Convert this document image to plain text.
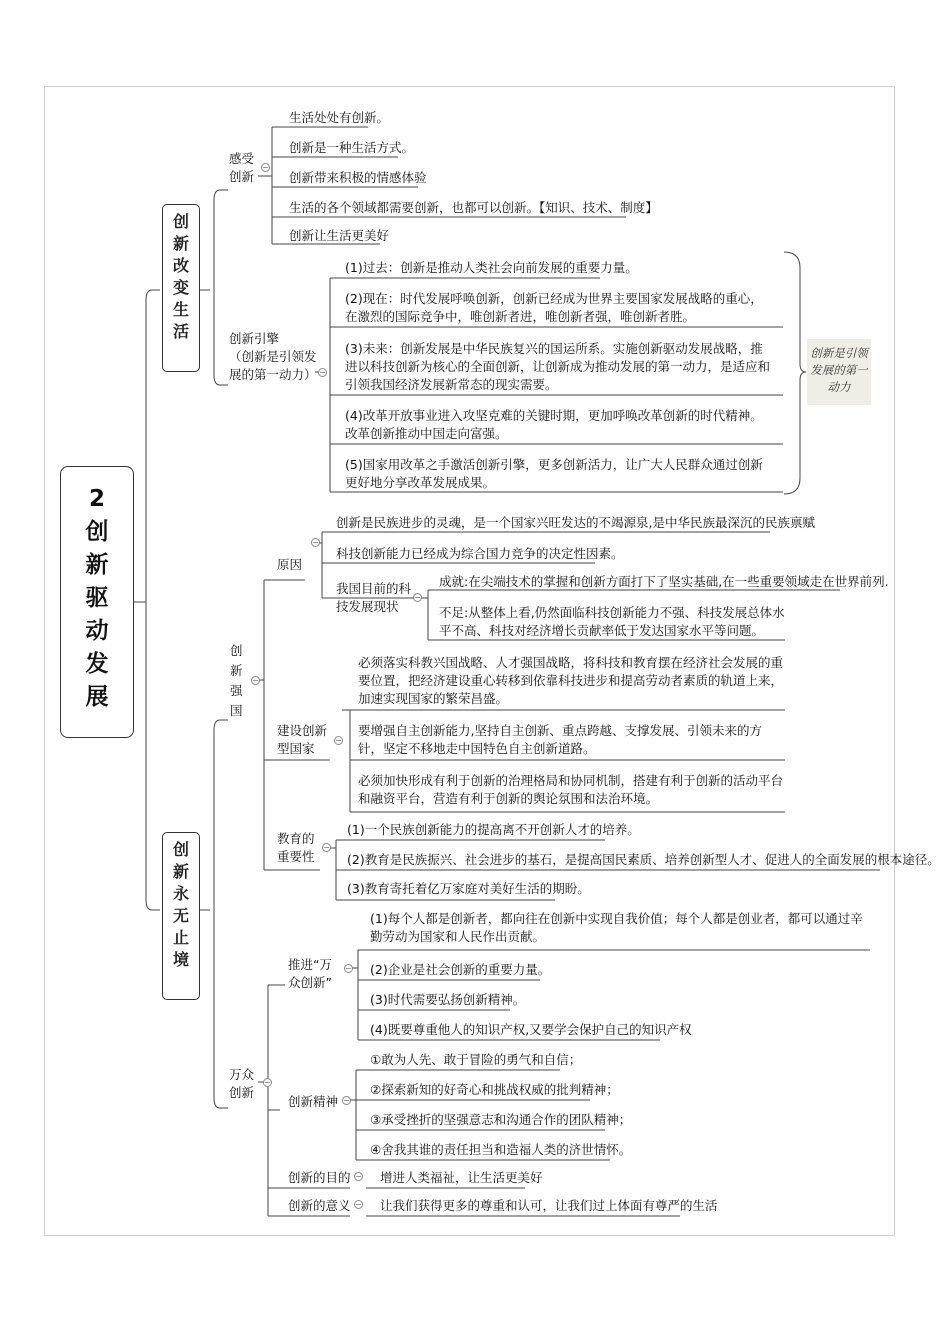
2
创
新
驱
动
发
展
创
新
改
变
生
活
感受
创新
−
生活处处有创新。
创新是一种生活方式。
创新带来积极的情感体验
生活的各个领域都需要创新，也都可以创新。【知识、技术、制度】
创新让生活更美好
创新引擎
（创新是引领发
展的第一动力） −
(1)过去：创新是推动人类社会向前发展的重要力量。
(2)现在：时代发展呼唤创新，创新已经成为世界主要国家发展战略的重心，在激烈的国际竞争中，唯创新者进，唯创新者强，唯创新者胜。
(3)未来：创新发展是中华民族复兴的国运所系。实施创新驱动发展战略，推进以科技创新为核心的全面创新，让创新成为推动发展的第一动力，是适应和引领我国经济发展新常态的现实需要。
(4)改革开放事业进入攻坚克难的关键时期，更加呼唤改革创新的时代精神。改革创新推动中国走向富强。
(5)国家用改革之手激活创新引擎，更多创新活力，让广大人民群众通过创新更好地分享改革发展成果。
创新是引领发展的第一动力
创
新
永
无
止
境
创
新
强
国
−
原因
−
创新是民族进步的灵魂，是一个国家兴旺发达的不竭源泉,是中华民族最深沉的民族禀赋
科技创新能力已经成为综合国力竞争的决定性因素。
我国目前的科
技发展现状
−
成就:在尖端技术的掌握和创新方面打下了坚实基础,在一些重要领域走在世界前列.
不足:从整体上看,仍然面临科技创新能力不强、科技发展总体水平不高、科技对经济增长贡献率低于发达国家水平等问题。
建设创新
型国家
−
必须落实科教兴国战略、人才强国战略，将科技和教育摆在经济社会发展的重要位置，把经济建设重心转移到依靠科技进步和提高劳动者素质的轨道上来，加速实现国家的繁荣昌盛。
要增强自主创新能力,坚持自主创新、重点跨越、支撑发展、引领未来的方针，坚定不移地走中国特色自主创新道路。
必须加快形成有利于创新的治理格局和协同机制，搭建有利于创新的活动平台和融资平台，营造有利于创新的舆论氛围和法治环境。
教育的
重要性
−
(1)一个民族创新能力的提高离不开创新人才的培养。
(2)教育是民族振兴、社会进步的基石，是提高国民素质、培养创新型人才、促进人的全面发展的根本途径。
(3)教育寄托着亿万家庭对美好生活的期盼。
万众
创新
−
推进“万
众创新”
−
(1)每个人都是创新者，都向往在创新中实现自我价值；每个人都是创业者，都可以通过辛勤劳动为国家和人民作出贡献。
(2)企业是社会创新的重要力量。
(3)时代需要弘扬创新精神。
(4)既要尊重他人的知识产权,又要学会保护自己的知识产权
创新精神 −
①敢为人先、敢于冒险的勇气和自信；
②探索新知的好奇心和挑战权威的批判精神；
③承受挫折的坚强意志和沟通合作的团队精神；
④舍我其谁的责任担当和造福人类的济世情怀。
创新的目的 − 增进人类福祉，让生活更美好
创新的意义 − 让我们获得更多的尊重和认可，让我们过上体面有尊严的生活
